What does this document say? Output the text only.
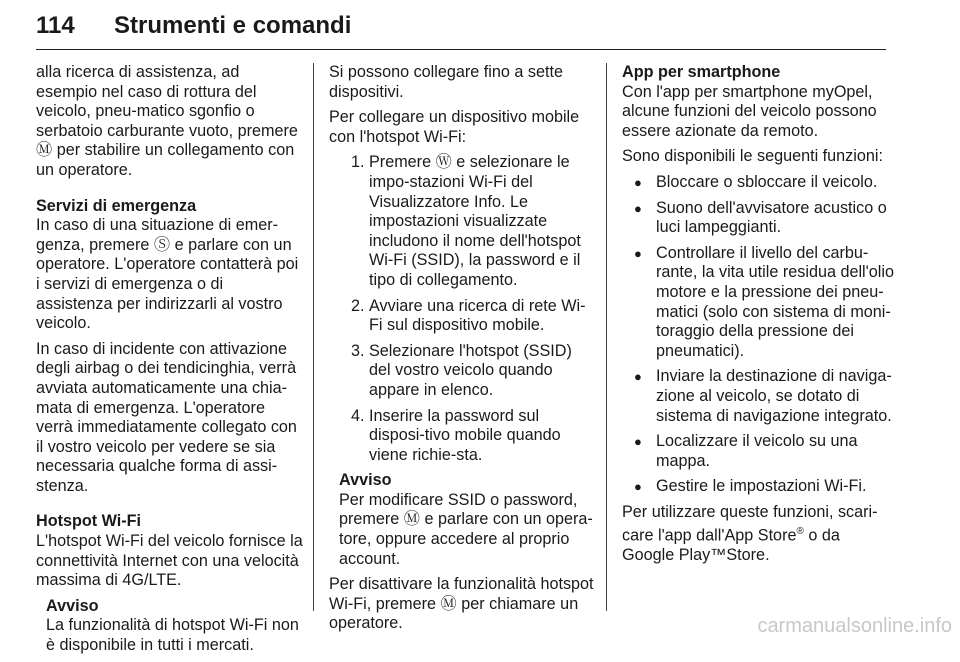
114 Strumenti e comandi

alla ricerca di assistenza, ad esempio nel caso di rottura del veicolo, pneu-matico sgonfio o serbatoio carburante vuoto, premere Ⓜ per stabilire un collegamento con un operatore.

Servizi di emergenza

In caso di una situazione di emer-genza, premere Ⓢ e parlare con un operatore. L'operatore contatterà poi i servizi di emergenza o di assistenza per indirizzarli al vostro veicolo.

In caso di incidente con attivazione degli airbag o dei tendicinghia, verrà avviata automaticamente una chia-mata di emergenza. L'operatore verrà immediatamente collegato con il vostro veicolo per vedere se sia necessaria qualche forma di assi-stenza.

Hotspot Wi-Fi

L'hotspot Wi-Fi del veicolo fornisce la connettività Internet con una velocità massima di 4G/LTE.

Avviso

La funzionalità di hotspot Wi-Fi non è disponibile in tutti i mercati.

Si possono collegare fino a sette dispositivi.

Per collegare un dispositivo mobile con l'hotspot Wi-Fi:

1. Premere Ⓦ e selezionare le impo-stazioni Wi-Fi del Visualizzatore Info. Le impostazioni visualizzate includono il nome dell'hotspot Wi-Fi (SSID), la password e il tipo di collegamento.
2. Avviare una ricerca di rete Wi-Fi sul dispositivo mobile.
3. Selezionare l'hotspot (SSID) del vostro veicolo quando appare in elenco.
4. Inserire la password sul disposi-tivo mobile quando viene richie-sta.
Avviso

Per modificare SSID o password, premere Ⓜ e parlare con un opera-tore, oppure accedere al proprio account.

Per disattivare la funzionalità hotspot Wi-Fi, premere Ⓜ per chiamare un operatore.

App per smartphone

Con l'app per smartphone myOpel, alcune funzioni del veicolo possono essere azionate da remoto.

Sono disponibili le seguenti funzioni:

● Bloccare o sbloccare il veicolo.
● Suono dell'avvisatore acustico o luci lampeggianti.
● Controllare il livello del carbu-rante, la vita utile residua dell'olio motore e la pressione dei pneu-matici (solo con sistema di moni-toraggio della pressione dei pneumatici).
● Inviare la destinazione di naviga-zione al veicolo, se dotato di sistema di navigazione integrato.
● Localizzare il veicolo su una mappa.
● Gestire le impostazioni Wi-Fi.

Per utilizzare queste funzioni, scari-care l'app dall'App Store® o da Google Play™Store.

carmanualsonline.info
